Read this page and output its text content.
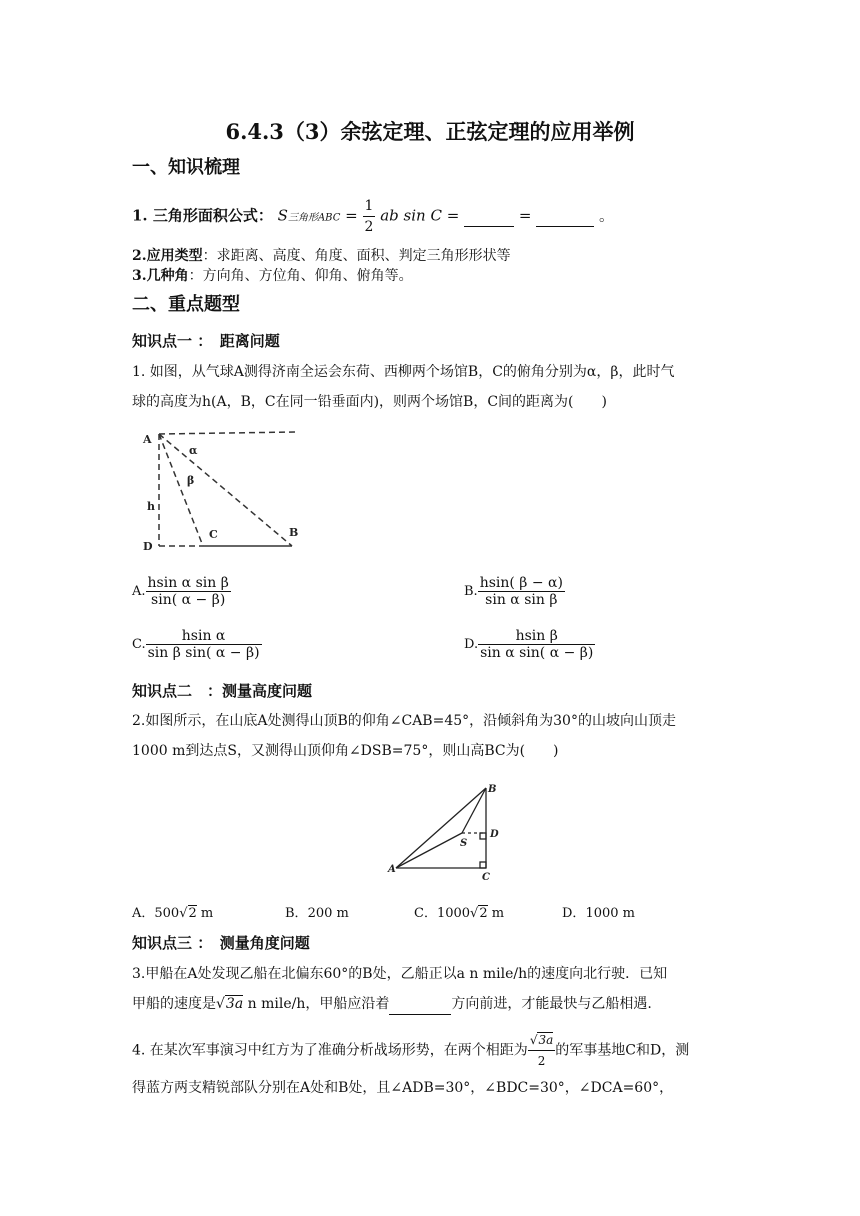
6.4.3（3）余弦定理、正弦定理的应用举例
一、知识梳理
1. 三角形面积公式： S三角形ABC = $\frac{1}{2}$ ab sin C =	=	。
2.应用类型：求距离、高度、角度、面积、判定三角形形状等
3.几种角：方向角、方位角、仰角、俯角等。
二、重点题型
知识点一 ：　距离问题
1. 如图，从气球A测得济南全运会东荷、西柳两个场馆B，C的俯角分别为α，β，此时气
球的高度为h(A，B，C在同一铅垂面内)，则两个场馆B，C间的距离为(　　)
A
α
β
h
C	B
D
A. $\frac{\text{hsin α sin β}}{\sin( \alpha - \beta)}$	B. $\frac{hsin( \beta - \alpha)}{\text{sin α sin β}}$
C. $\frac{\text{hsin α}}{\text{sin β sin( α − β)}}$	D. $\frac{\text{hsin β}}{\text{sin α sin( α − β)}}$
知识点二　：测量高度问题
2.如图所示，在山底A处测得山顶B的仰角∠CAB=45°，沿倾斜角为30°的山坡向山顶走
1000 m到达点S，又测得山顶仰角∠DSB=75°，则山高BC为(　　)
B
D
S
A
C
A．500√2 m	B．200 m	C．1000√2 m	D．1000 m
知识点三 ：　测量角度问题
3.甲船在A处发现乙船在北偏东60°的B处，乙船正以a n mile/h的速度向北行驶．已知
甲船的速度是√3a n mile/h，甲船应沿着	方向前进，才能最快与乙船相遇.
4. 在某次军事演习中红方为了准确分析战场形势，在两个相距为 $\frac{√3a}{2}$ 的军事基地C和D，测
得蓝方两支精锐部队分别在A处和B处，且∠ADB=30°，∠BDC=30°，∠DCA=60°，
